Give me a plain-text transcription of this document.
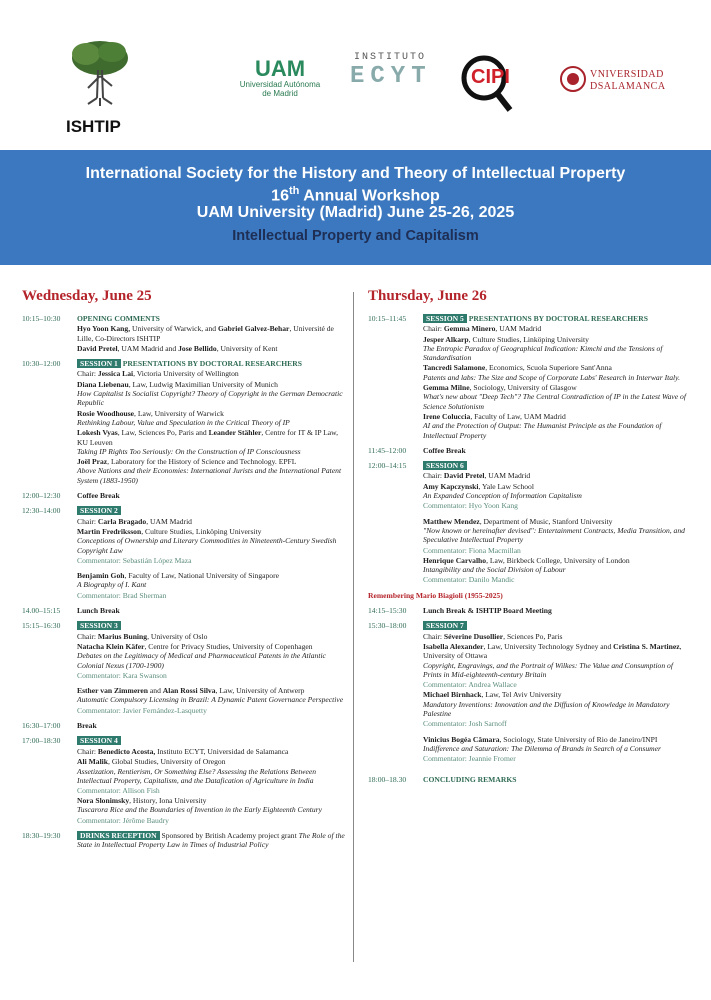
ISHTIP
UAM
Universidad Autónoma
de Madrid
INSTITUTO
ECYT CIPI	VNIVERSIDAD
DSALAMANCA
International Society for the History and Theory of Intellectual Property
16th Annual Workshop
UAM University (Madrid) June 25-26, 2025
Intellectual Property and Capitalism
Wednesday, June 25
10:15–10:30	OPENING COMMENTS
Hyo Yoon Kang, University of Warwick, and Gabriel Galvez-Behar, Université de Lille, Co-Directors ISHTIP
David Pretel, UAM Madrid and Jose Bellido, University of Kent
10:30–12:00	SESSION 1 PRESENTATIONS BY DOCTORAL RESEARCHERS
Chair: Jessica Lai, Victoria University of Wellington
Diana Liebenau, Law, Ludwig Maximilian University of Munich
How Capitalist Is Socialist Copyright? Theory of Copyright in the German Democratic Republic
Rosie Woodhouse, Law, University of Warwick
Rethinking Labour, Value and Speculation in the Critical Theory of IP
Lokesh Vyas, Law, Sciences Po, Paris and Leander Stähler, Centre for IT & IP Law, KU Leuven
Taking IP Rights Too Seriously: On the Construction of IP Consciousness
Joël Praz, Laboratory for the History of Science and Technology. EPFL
Above Nations and their Economies: International Jurists and the International Patent System (1883-1950)
12:00–12:30	Coffee Break
12:30–14:00	SESSION 2
Chair: Carla Bragado, UAM Madrid
Martin Fredriksson, Culture Studies, Linköping University
Conceptions of Ownership and Literary Commodities in Nineteenth-Century Swedish Copyright Law
Commentator: Sebastián López Maza
Benjamin Goh, Faculty of Law, National University of Singapore
A Biography of I. Kant
Commentator: Brad Sherman
14.00–15:15	Lunch Break
15:15–16:30	SESSION 3
Chair: Marius Buning, University of Oslo
Natacha Klein Käfer, Centre for Privacy Studies, University of Copenhagen
Debates on the Legitimacy of Medical and Pharmaceutical Patents in the Atlantic Colonial Nexus (1700-1900)
Commentator: Kara Swanson
Esther van Zimmeren and Alan Rossi Silva, Law, University of Antwerp
Automatic Compulsory Licensing in Brazil: A Dynamic Patent Governance Perspective
Commentator: Javier Fernández-Lasquetty
16:30–17:00	Break
17:00–18:30	SESSION 4
Chair: Benedicto Acosta, Instituto ECYT, Universidad de Salamanca
Ali Malik, Global Studies, University of Oregon
Assetization, Rentierism, Or Something Else? Assessing the Relations Between Intellectual Property, Capitalism, and the Datafication of Agriculture in India
Commentator: Allison Fish
Nora Slonimsky, History, Iona University
Tuscarora Rice and the Boundaries of Invention in the Early Eighteenth Century
Commentator: Jérôme Baudry
18:30–19:30	DRINKS RECEPTION Sponsored by British Academy project grant The Role of the State in Intellectual Property Law in Times of Industrial Policy
Thursday, June 26
10:15–11:45	SESSION 5 PRESENTATIONS BY DOCTORAL RESEARCHERS
Chair: Gemma Minero, UAM Madrid
Jesper Alkarp, Culture Studies, Linköping University
The Entropic Paradox of Geographical Indication: Kimchi and the Tensions of Standardisation
Tancredi Salamone, Economics, Scuola Superiore Sant'Anna
Patents and labs: The Size and Scope of Corporate Labs' Research in Interwar Italy.
Gemma Milne, Sociology, University of Glasgow
What's new about "Deep Tech"? The Central Contradiction of IP in the Latest Wave of Science Solutionism
Irene Coluccia, Faculty of Law, UAM Madrid
AI and the Protection of Output: The Humanist Principle as the Foundation of Intellectual Property
11:45–12:00	Coffee Break
12:00–14:15	SESSION 6
Chair: David Pretel, UAM Madrid
Amy Kapczynski, Yale Law School
An Expanded Conception of Information Capitalism
Commentator: Hyo Yoon Kang
Matthew Mendez, Department of Music, Stanford University
"Now known or hereinafter devised": Entertainment Contracts, Media Transition, and Speculative Intellectual Property
Commentator: Fiona Macmillan
Henrique Carvalho, Law, Birkbeck College, University of London
Intangibility and the Social Division of Labour
Commentator: Danilo Mandic
Remembering Mario Biagioli (1955-2025)
14:15–15:30	Lunch Break & ISHTIP Board Meeting
15:30–18:00	SESSION 7
Chair: Séverine Dusollier, Sciences Po, Paris
Isabella Alexander, Law, University Technology Sydney and Cristina S. Martinez, University of Ottawa
Copyright, Engravings, and the Portrait of Wilkes: The Value and Consumption of Prints in Mid-eighteenth-century Britain
Commentator: Andrea Wallace
Michael Birnhack, Law, Tel Aviv University
Mandatory Inventions: Innovation and the Diffusion of Knowledge in Mandatory Palestine
Commentator: Josh Sarnoff
Vinicius Bogéa Câmara, Sociology, State University of Rio de Janeiro/INPI
Indifference and Saturation: The Dilemma of Brands in Search of a Consumer
Commentator: Jeannie Fromer
18:00–18.30	CONCLUDING REMARKS
